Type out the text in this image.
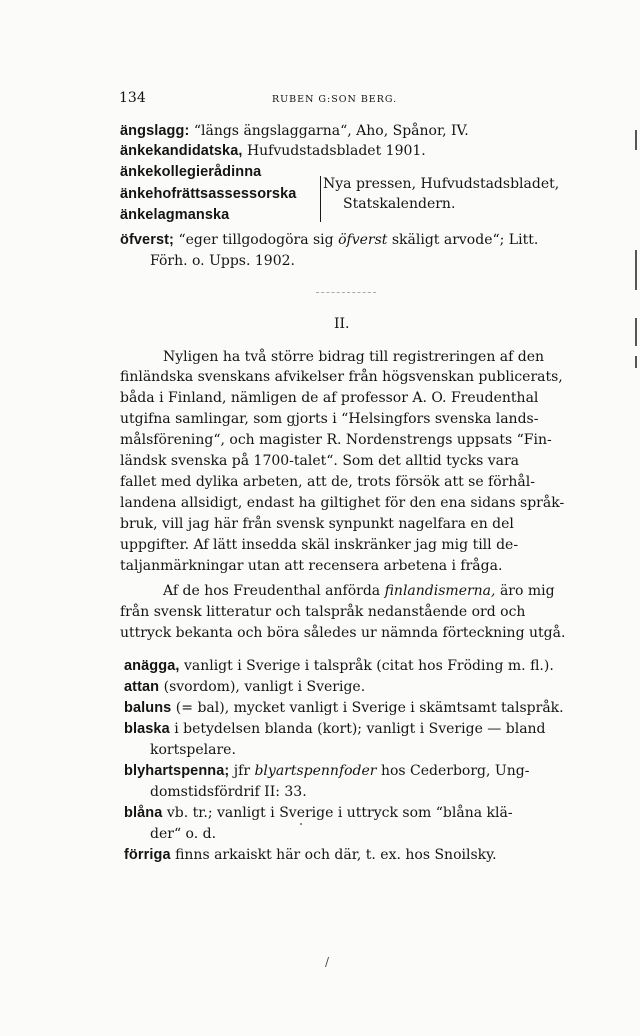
134	RUBEN G:SON BERG.
ängslagg: “längs ängslaggarna“, Aho, Spånor, IV.
änkekandidatska, Hufvudstadsbladet 1901.
änkekollegierådinna
änkehofrättsassessorska
änkelagmanska
Nya pressen, Hufvudstadsbladet,
Statskalendern.
öfverst; “eger tillgodogöra sig öfverst skäligt arvode“; Litt.
Förh. o. Upps. 1902.
II.
Nyligen ha två större bidrag till registreringen af den
finländska svenskans afvikelser från högsvenskan publicerats,
båda i Finland, nämligen de af professor A. O. Freudenthal
utgifna samlingar, som gjorts i “Helsingfors svenska lands-
målsförening“, och magister R. Nordenstrengs uppsats “Fin-
ländsk svenska på 1700-talet“. Som det alltid tycks vara
fallet med dylika arbeten, att de, trots försök att se förhål-
landena allsidigt, endast ha giltighet för den ena sidans språk-
bruk, vill jag här från svensk synpunkt nagelfara en del
uppgifter. Af lätt insedda skäl inskränker jag mig till de-
taljanmärkningar utan att recensera arbetena i fråga.
Af de hos Freudenthal anförda finlandismerna, äro mig
från svensk litteratur och talspråk nedanstående ord och
uttryck bekanta och böra således ur nämnda förteckning utgå.
anägga, vanligt i Sverige i talspråk (citat hos Fröding m. fl.).
attan (svordom), vanligt i Sverige.
baluns (= bal), mycket vanligt i Sverige i skämtsamt talspråk.
blaska i betydelsen blanda (kort); vanligt i Sverige — bland
kortspelare.
blyhartspenna; jfr blyartspennfoder hos Cederborg, Ung-
domstidsfördrif II: 33.
blåna vb. tr.; vanligt i Sverige i uttryck som “blåna klä-
der“ o. d.
förriga finns arkaiskt här och där, t. ex. hos Snoilsky.
/
